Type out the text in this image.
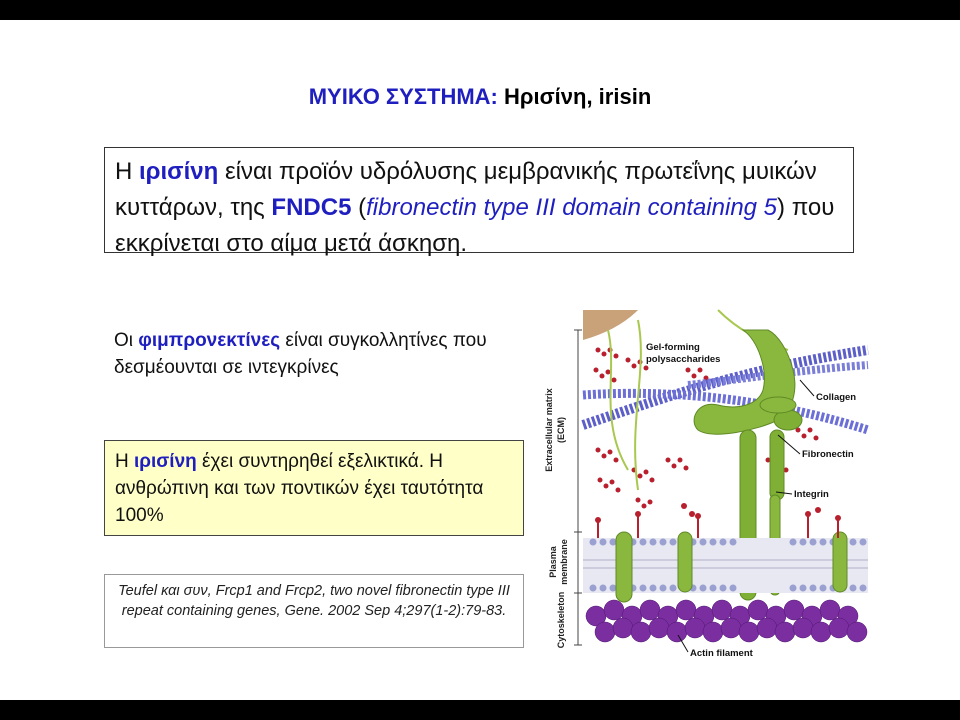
ΜΥΙΚΟ ΣΥΣΤΗΜΑ: Ηρισίνη, irisin
Η ιρισίνη είναι προϊόν υδρόλυσης μεμβρανικής πρωτεΐνης μυικών κυττάρων, της FNDC5 (fibronectin type III domain containing 5) που εκκρίνεται στο αίμα μετά άσκηση.
Οι φιμπρονεκτίνες είναι συγκολλητίνες που δεσμέουνται σε ιντεγκρίνες
Η ιρισίνη έχει συντηρηθεί εξελικτικά. Η ανθρώπινη και των ποντικών έχει ταυτότητα 100%
Teufel και συν, Frcp1 and Frcp2, two novel fibronectin type III repeat containing genes, Gene. 2002 Sep 4;297(1-2):79-83.
Extracellular matrix (ECM)
Plasma membrane
Cytoskeleton
Gel-forming
polysaccharides
Collagen
Fibronectin
Integrin
Actin filament
